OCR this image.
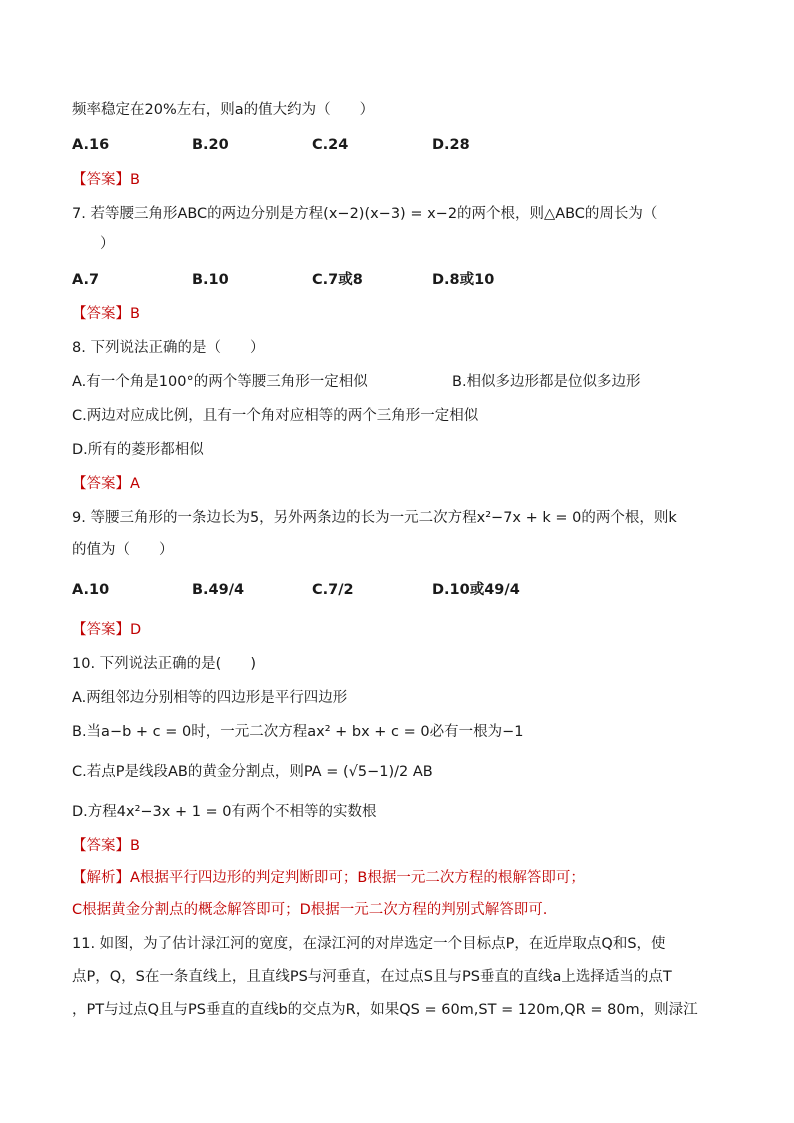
频率稳定在20%左右，则a的值大约为（　　）
A.16	B.20	C.24	D.28
【答案】B
7. 若等腰三角形ABC的两边分别是方程(x−2)(x−3) = x−2的两个根，则△ABC的周长为（
）
A.7	B.10	C.7或8	D.8或10
【答案】B
8. 下列说法正确的是（　　）
A.有一个角是100°的两个等腰三角形一定相似	B.相似多边形都是位似多边形
C.两边对应成比例，且有一个角对应相等的两个三角形一定相似
D.所有的菱形都相似
【答案】A
9. 等腰三角形的一条边长为5，另外两条边的长为一元二次方程x²−7x + k = 0的两个根，则k
的值为（　　）
A.10	B.49/4	C.7/2	D.10或49/4
【答案】D
10. 下列说法正确的是(　　)
A.两组邻边分别相等的四边形是平行四边形
B.当a−b + c = 0时，一元二次方程ax² + bx + c = 0必有一根为−1
C.若点P是线段AB的黄金分割点，则PA = (√5−1)/2 AB
D.方程4x²−3x + 1 = 0有两个不相等的实数根
【答案】B
【解析】A根据平行四边形的判定判断即可；B根据一元二次方程的根解答即可；
C根据黄金分割点的概念解答即可；D根据一元二次方程的判别式解答即可.
11. 如图，为了估计渌江河的宽度，在渌江河的对岸选定一个目标点P，在近岸取点Q和S，使
点P，Q，S在一条直线上，且直线PS与河垂直，在过点S且与PS垂直的直线a上选择适当的点T
，PT与过点Q且与PS垂直的直线b的交点为R，如果QS = 60m,ST = 120m,QR = 80m，则渌江
